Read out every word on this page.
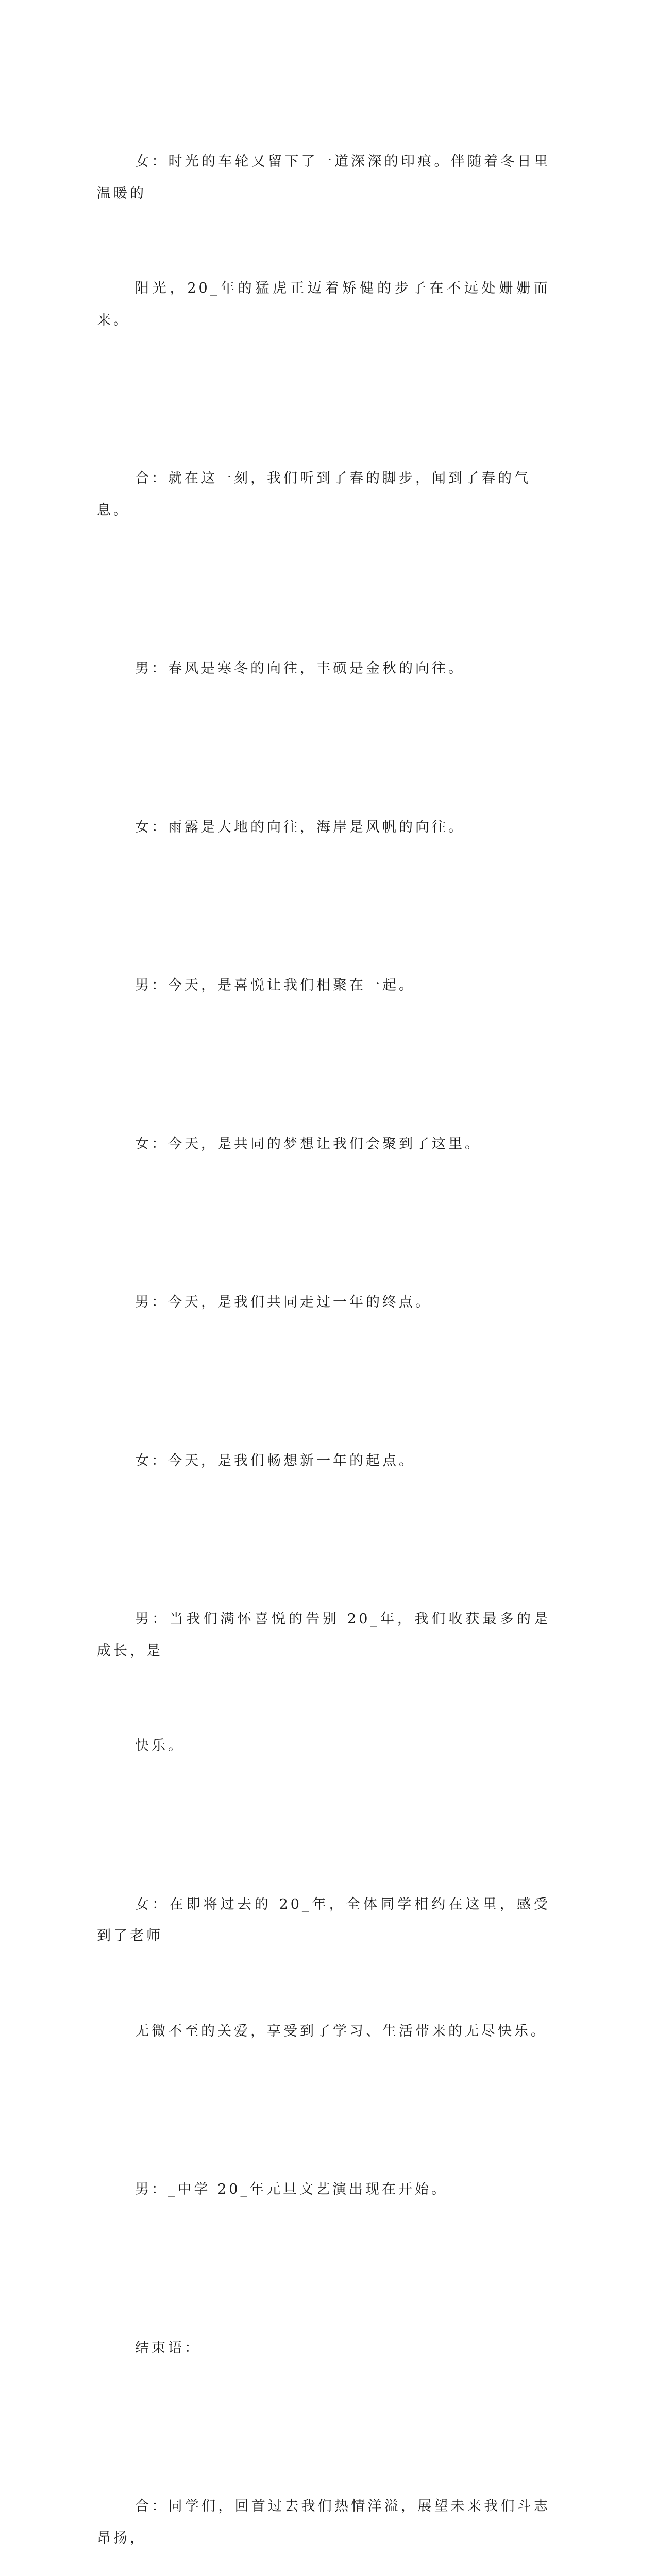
女：时光的车轮又留下了一道深深的印痕。伴随着冬日里温暖的

阳光，20_年的猛虎正迈着矫健的步子在不远处姗姗而来。

合：就在这一刻，我们听到了春的脚步，闻到了春的气息。

男：春风是寒冬的向往，丰硕是金秋的向往。

女：雨露是大地的向往，海岸是风帆的向往。

男：今天，是喜悦让我们相聚在一起。

女：今天，是共同的梦想让我们会聚到了这里。

男：今天，是我们共同走过一年的终点。

女：今天，是我们畅想新一年的起点。

男：当我们满怀喜悦的告别 20_年，我们收获最多的是成长，是

快乐。

女：在即将过去的 20_年，全体同学相约在这里，感受到了老师

无微不至的关爱，享受到了学习、生活带来的无尽快乐。

男：_中学 20_年元旦文艺演出现在开始。

结束语：

合：同学们，回首过去我们热情洋溢，展望未来我们斗志昂扬，
